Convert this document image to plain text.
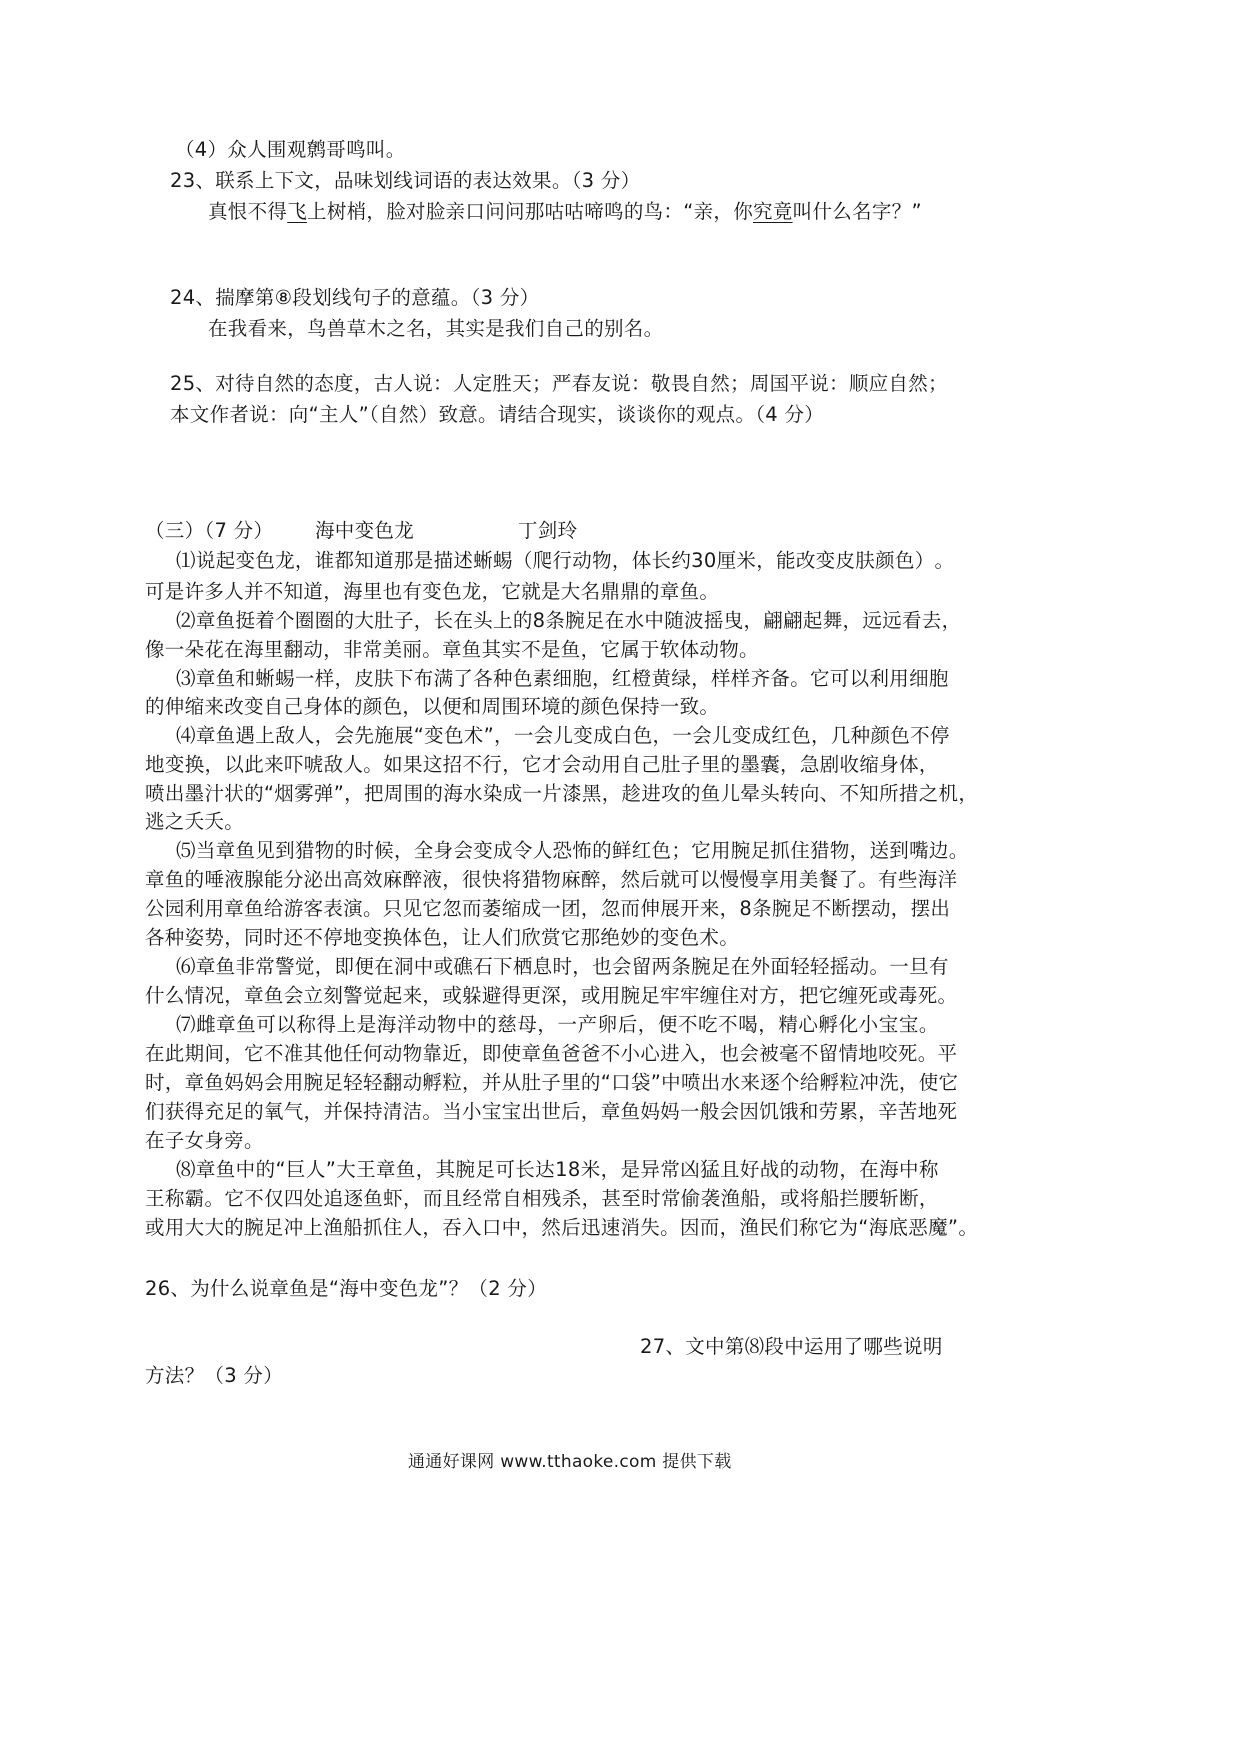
（4）众人围观鹩哥鸣叫。
23、联系上下文，品味划线词语的表达效果。（3 分）
真恨不得飞上树梢，脸对脸亲口问问那咕咕啼鸣的鸟：“亲，你究竟叫什么名字？”
24、揣摩第⑧段划线句子的意蕴。（3 分）
在我看来，鸟兽草木之名，其实是我们自己的别名。
25、对待自然的态度，古人说：人定胜天；严春友说：敬畏自然；周国平说：顺应自然；
本文作者说：向“主人”（自然）致意。请结合现实，谈谈你的观点。（4 分）
（三）（7 分） 海中变色龙	丁剑玲
⑴ 说 起 变 色 龙 ， 谁 都 知 道 那 是 描 述 蜥 蜴 （ 爬 行 动 物 ， 体 长 约 3 0 厘 米 ， 能 改 变 皮 肤 颜 色 ） 。
可是许多人并不知道，海里也有变色龙，它就是大名鼎鼎的章鱼。
⑵ 章 鱼 挺 着 个 圈 圈 的 大 肚 子 ， 长 在 头 上 的 8 条 腕 足 在 水 中 随 波 摇 曳 ， 翩 翩 起 舞 ， 远 远 看 去 ，
像一朵花在海里翻动，非常美丽。章鱼其实不是鱼，它属于软体动物。
⑶ 章 鱼 和 蜥 蜴 一 样 ， 皮 肤 下 布 满 了 各 种 色 素 细 胞 ， 红 橙 黄 绿 ， 样 样 齐 备 。 它 可 以 利 用 细 胞
的伸缩来改变自己身体的颜色，以便和周围环境的颜色保持一致。
⑷ 章 鱼 遇 上 敌 人 ， 会 先 施 展 “ 变 色 术 ” ， 一 会 儿 变 成 白 色 ， 一 会 儿 变 成 红 色 ， 几 种 颜 色 不 停
地 变 换 ， 以 此 来 吓 唬 敌 人 。 如 果 这 招 不 行 ， 它 才 会 动 用 自 己 肚 子 里 的 墨 囊 ， 急 剧 收 缩 身 体 ，
喷 出 墨 汁 状 的 “ 烟 雾 弹 ” ， 把 周 围 的 海 水 染 成 一 片 漆 黑 ， 趁 进 攻 的 鱼 儿 晕 头 转 向 、 不 知 所 措 之 机 ，
逃之夭夭。
⑸ 当 章 鱼 见 到 猎 物 的 时 候 ， 全 身 会 变 成 令 人 恐 怖 的 鲜 红 色 ； 它 用 腕 足 抓 住 猎 物 ， 送 到 嘴 边 。
章 鱼 的 唾 液 腺 能 分 泌 出 高 效 麻 醉 液 ， 很 快 将 猎 物 麻 醉 ， 然 后 就 可 以 慢 慢 享 用 美 餐 了 。 有 些 海 洋
公 园 利 用 章 鱼 给 游 客 表 演 。 只 见 它 忽 而 萎 缩 成 一 团 ， 忽 而 伸 展 开 来 ， 8 条 腕 足 不 断 摆 动 ， 摆 出
各种姿势，同时还不停地变换体色，让人们欣赏它那绝妙的变色术。
⑹ 章 鱼 非 常 警 觉 ， 即 便 在 洞 中 或 礁 石 下 栖 息 时 ， 也 会 留 两 条 腕 足 在 外 面 轻 轻 摇 动 。 一 旦 有
什 么 情 况 ， 章 鱼 会 立 刻 警 觉 起 来 ， 或 躲 避 得 更 深 ， 或 用 腕 足 牢 牢 缠 住 对 方 ， 把 它 缠 死 或 毒 死 。
⑺ 雌 章 鱼 可 以 称 得 上 是 海 洋 动 物 中 的 慈 母 ， 一 产 卵 后 ， 便 不 吃 不 喝 ， 精 心 孵 化 小 宝 宝 。
在 此 期 间 ， 它 不 准 其 他 任 何 动 物 靠 近 ， 即 使 章 鱼 爸 爸 不 小 心 进 入 ， 也 会 被 毫 不 留 情 地 咬 死 。 平
时 ， 章 鱼 妈 妈 会 用 腕 足 轻 轻 翻 动 孵 粒 ， 并 从 肚 子 里 的 “ 口 袋 ” 中 喷 出 水 来 逐 个 给 孵 粒 冲 洗 ， 使 它
们 获 得 充 足 的 氧 气 ， 并 保 持 清 洁 。 当 小 宝 宝 出 世 后 ， 章 鱼 妈 妈 一 般 会 因 饥 饿 和 劳 累 ， 辛 苦 地 死
在子女身旁。
⑻ 章 鱼 中 的 “ 巨 人 ” 大 王 章 鱼 ， 其 腕 足 可 长 达 1 8 米 ， 是 异 常 凶 猛 且 好 战 的 动 物 ， 在 海 中 称
王 称 霸 。 它 不 仅 四 处 追 逐 鱼 虾 ， 而 且 经 常 自 相 残 杀 ， 甚 至 时 常 偷 袭 渔 船 ， 或 将 船 拦 腰 斩 断 ，
或 用 大 大 的 腕 足 冲 上 渔 船 抓 住 人 ， 吞 入 口 中 ， 然 后 迅 速 消 失 。 因 而 ， 渔 民 们 称 它 为 “ 海 底 恶 魔 ” 。
26、为什么说章鱼是“海中变色龙”？（2 分）
27、文中第⑻段中运用了哪些说明
方法？（3 分）
通通好课网 www.tthaoke.com 提供下载
